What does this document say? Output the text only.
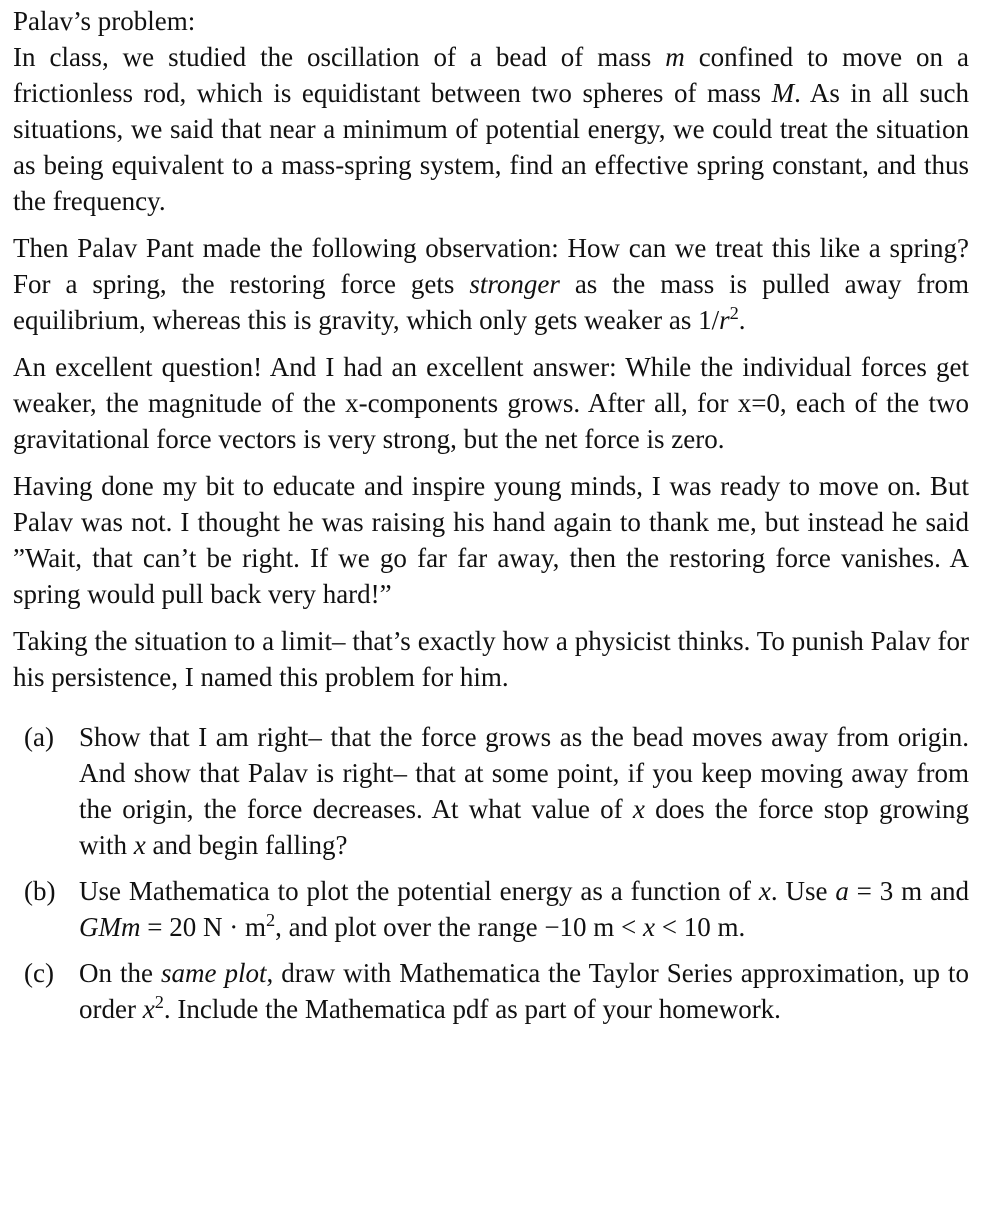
Palav’s problem:

In class, we studied the oscillation of a bead of mass m confined to move on a frictionless rod, which is equidistant between two spheres of mass M. As in all such situations, we said that near a minimum of potential energy, we could treat the situation as being equivalent to a mass-spring system, find an effective spring constant, and thus the frequency.

Then Palav Pant made the following observation: How can we treat this like a spring? For a spring, the restoring force gets stronger as the mass is pulled away from equilibrium, whereas this is gravity, which only gets weaker as $1/r^2$.

An excellent question! And I had an excellent answer: While the individual forces get weaker, the magnitude of the x-components grows. After all, for x=0, each of the two gravitational force vectors is very strong, but the net force is zero.

Having done my bit to educate and inspire young minds, I was ready to move on. But Palav was not. I thought he was raising his hand again to thank me, but instead he said ”Wait, that can’t be right. If we go far far away, then the restoring force vanishes. A spring would pull back very hard!”

Taking the situation to a limit– that’s exactly how a physicist thinks. To punish Palav for his persistence, I named this problem for him.

(a) Show that I am right– that the force grows as the bead moves away from origin. And show that Palav is right– that at some point, if you keep moving away from the origin, the force decreases. At what value of x does the force stop growing with x and begin falling?
(b) Use Mathematica to plot the potential energy as a function of x. Use a = 3 m and GMm = 20 $N \cdot m^2$, and plot over the range −10 m < x < 10 m.
(c) On the same plot, draw with Mathematica the Taylor Series approximation, up to order $x^2$. Include the Mathematica pdf as part of your homework.
